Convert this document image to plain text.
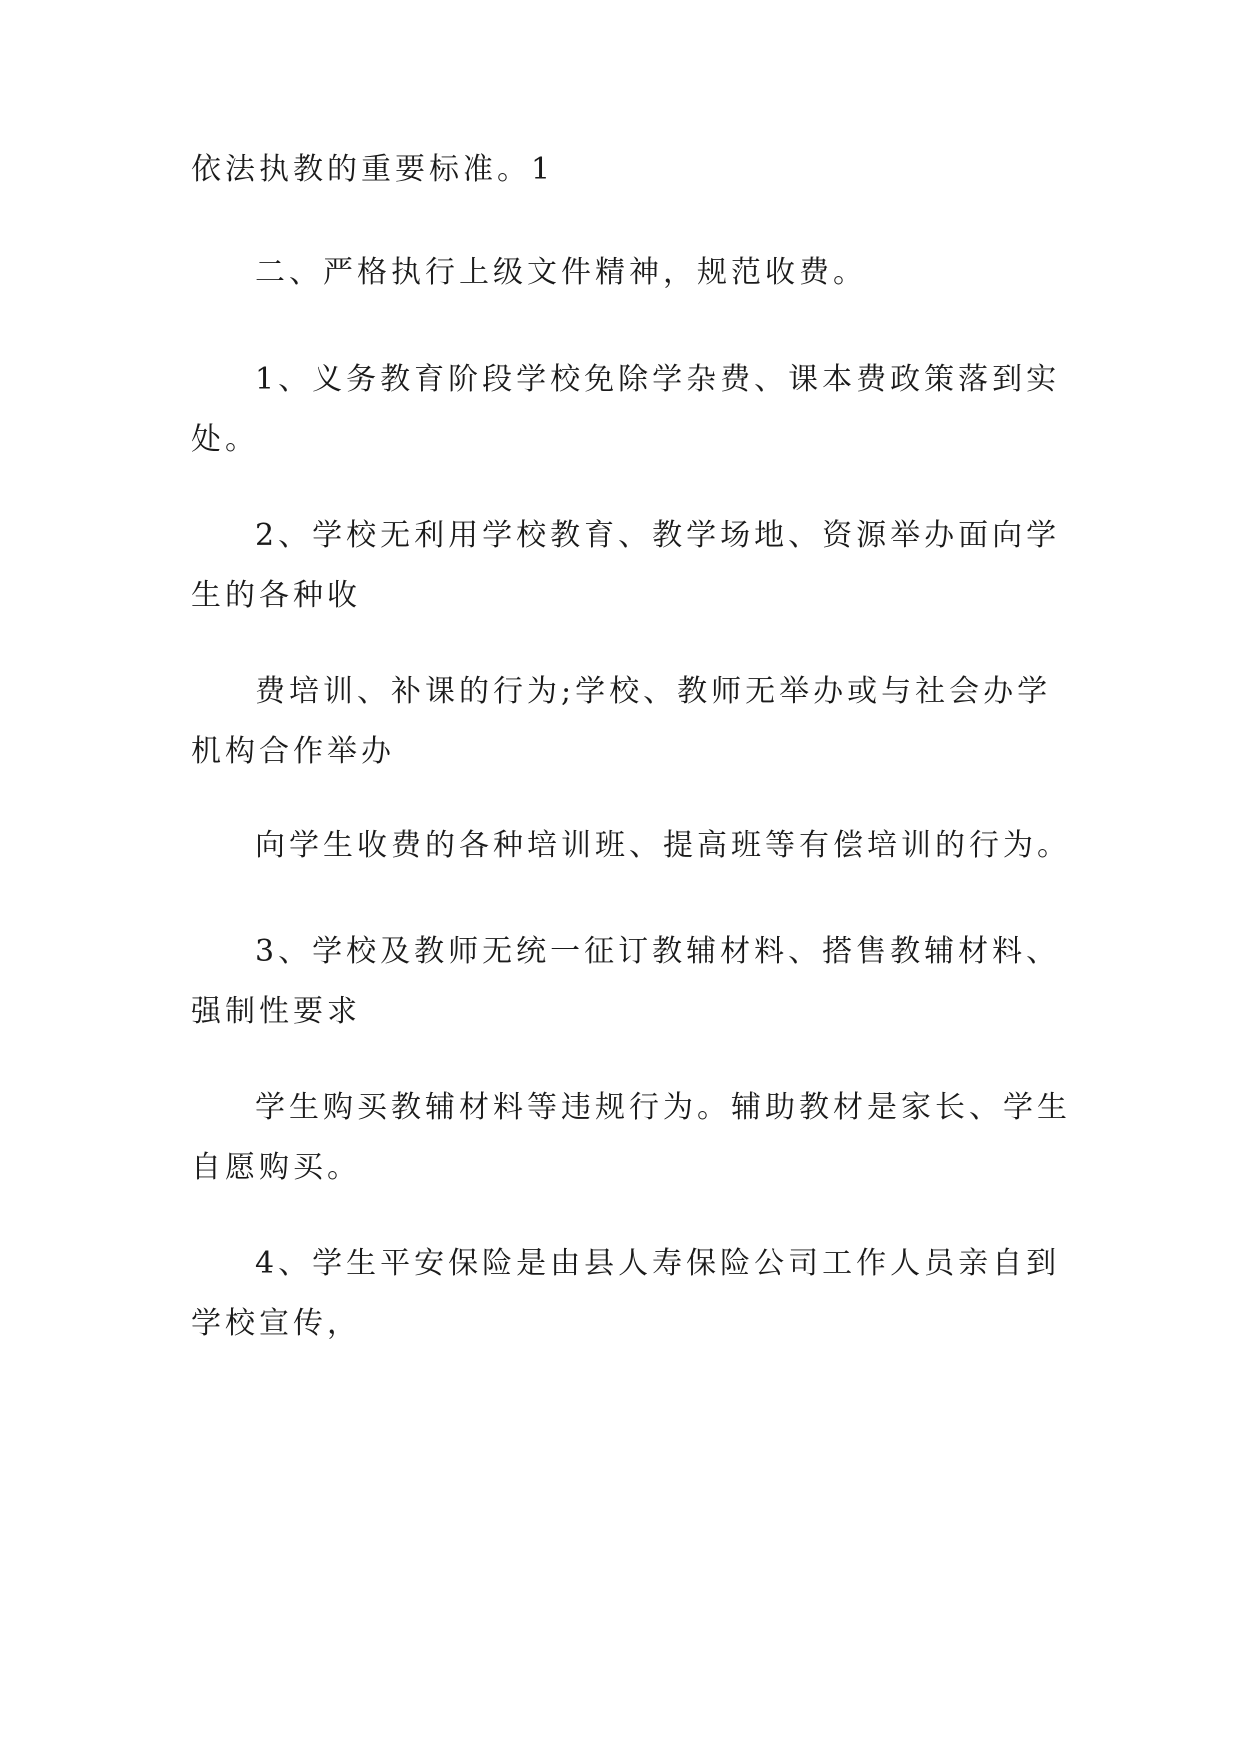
依法执教的重要标准。1

二、严格执行上级文件精神，规范收费。

1、义务教育阶段学校免除学杂费、课本费政策落到实
处。

2、学校无利用学校教育、教学场地、资源举办面向学
生的各种收

费培训、补课的行为;学校、教师无举办或与社会办学
机构合作举办

向学生收费的各种培训班、提高班等有偿培训的行为。

3、学校及教师无统一征订教辅材料、搭售教辅材料、
强制性要求

学生购买教辅材料等违规行为。辅助教材是家长、学生
自愿购买。

4、学生平安保险是由县人寿保险公司工作人员亲自到
学校宣传，
